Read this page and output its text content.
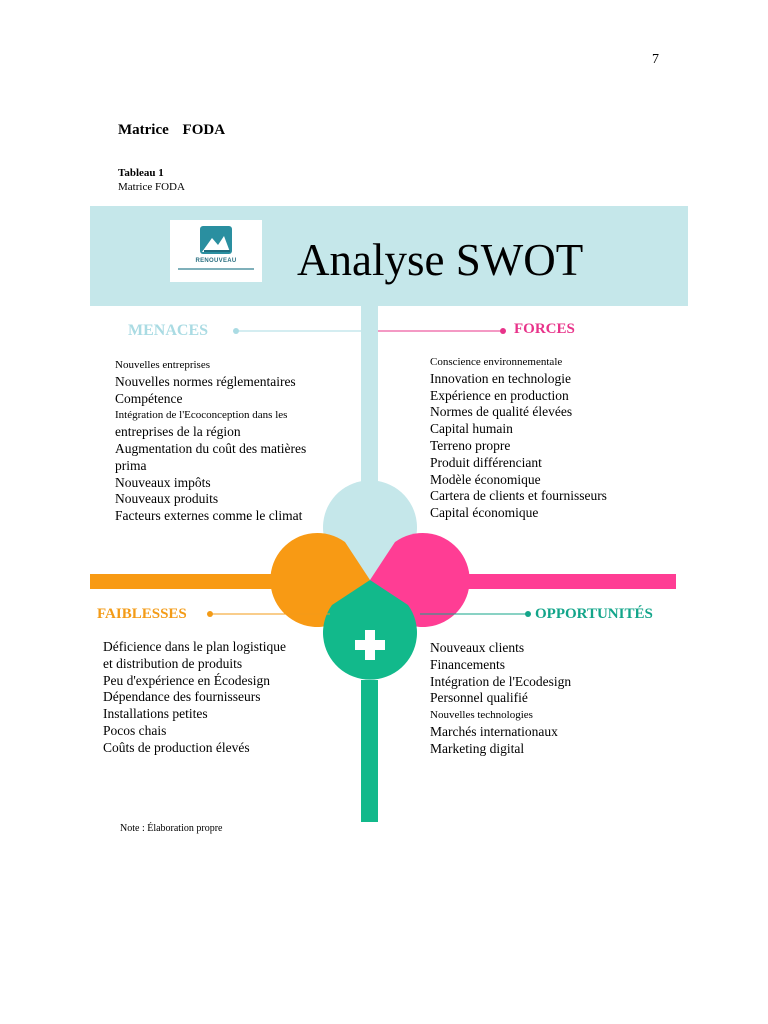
7
Matrice FODA
Tableau 1
Matrice FODA
RENOUVEAU	Analyse SWOT
MENACES	FORCES
FAIBLESSES	OPPORTUNITÉS
Nouvelles entreprises
Nouvelles normes réglementaires
Compétence
Intégration de l'Ecoconception dans les
entreprises de la région
Augmentation du coût des matières
prima
Nouveaux impôts
Nouveaux produits
Facteurs externes comme le climat
Conscience environnementale
Innovation en technologie
Expérience en production
Normes de qualité élevées
Capital humain
Terreno propre
Produit différenciant
Modèle économique
Cartera de clients et fournisseurs
Capital économique
Déficience dans le plan logistique
et distribution de produits
Peu d'expérience en Écodesign
Dépendance des fournisseurs
Installations petites
Pocos chais
Coûts de production élevés
Nouveaux clients
Financements
Intégration de l'Ecodesign
Personnel qualifié
Nouvelles technologies
Marchés internationaux
Marketing digital
Note : Élaboration propre
